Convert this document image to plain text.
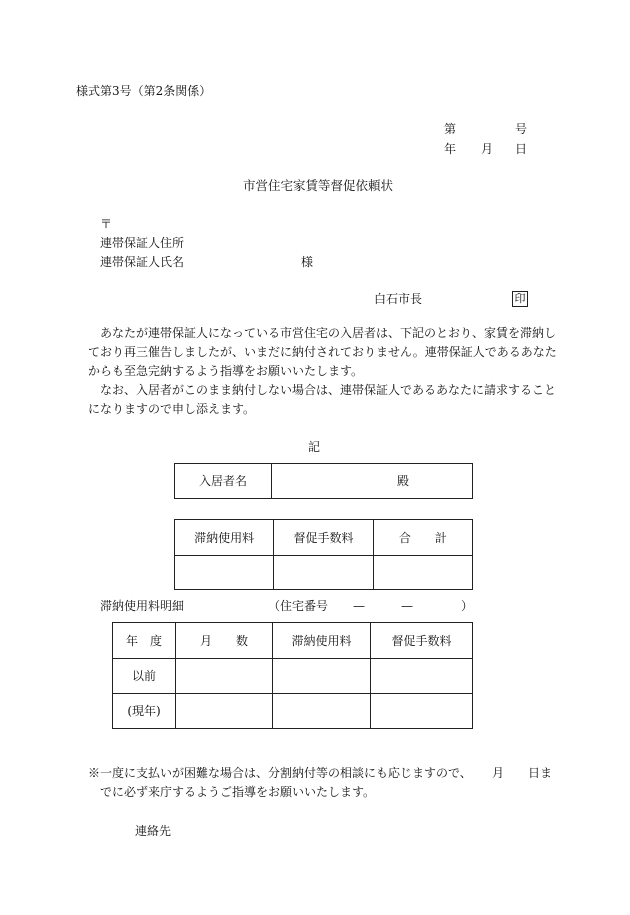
様式第3号（第2条関係）
第	号
年 月 日
市営住宅家賃等督促依頼状
〒
連帯保証人住所
連帯保証人氏名	様
白石市長	印

あなたが連帯保証人になっている市営住宅の入居者は、下記のとおり、家賃を滞納しており再三催告しましたが、いまだに納付されておりません。連帯保証人であるあなたからも至急完納するよう指導をお願いいたします。

なお、入居者がこのまま納付しない場合は、連帯保証人であるあなたに請求することになりますので申し添えます。

記
入居者名	殿
滞納使用料	督促手数料	合　　計

滞納使用料明細	（住宅番号 —	—	）
年　度	月　　数	滞納使用料	督促手数料
以前			
(現年)			
※一度に支払いが困難な場合は、分割納付等の相談にも応じますので、 月 日ま
でに必ず来庁するようご指導をお願いいたします。
連絡先
